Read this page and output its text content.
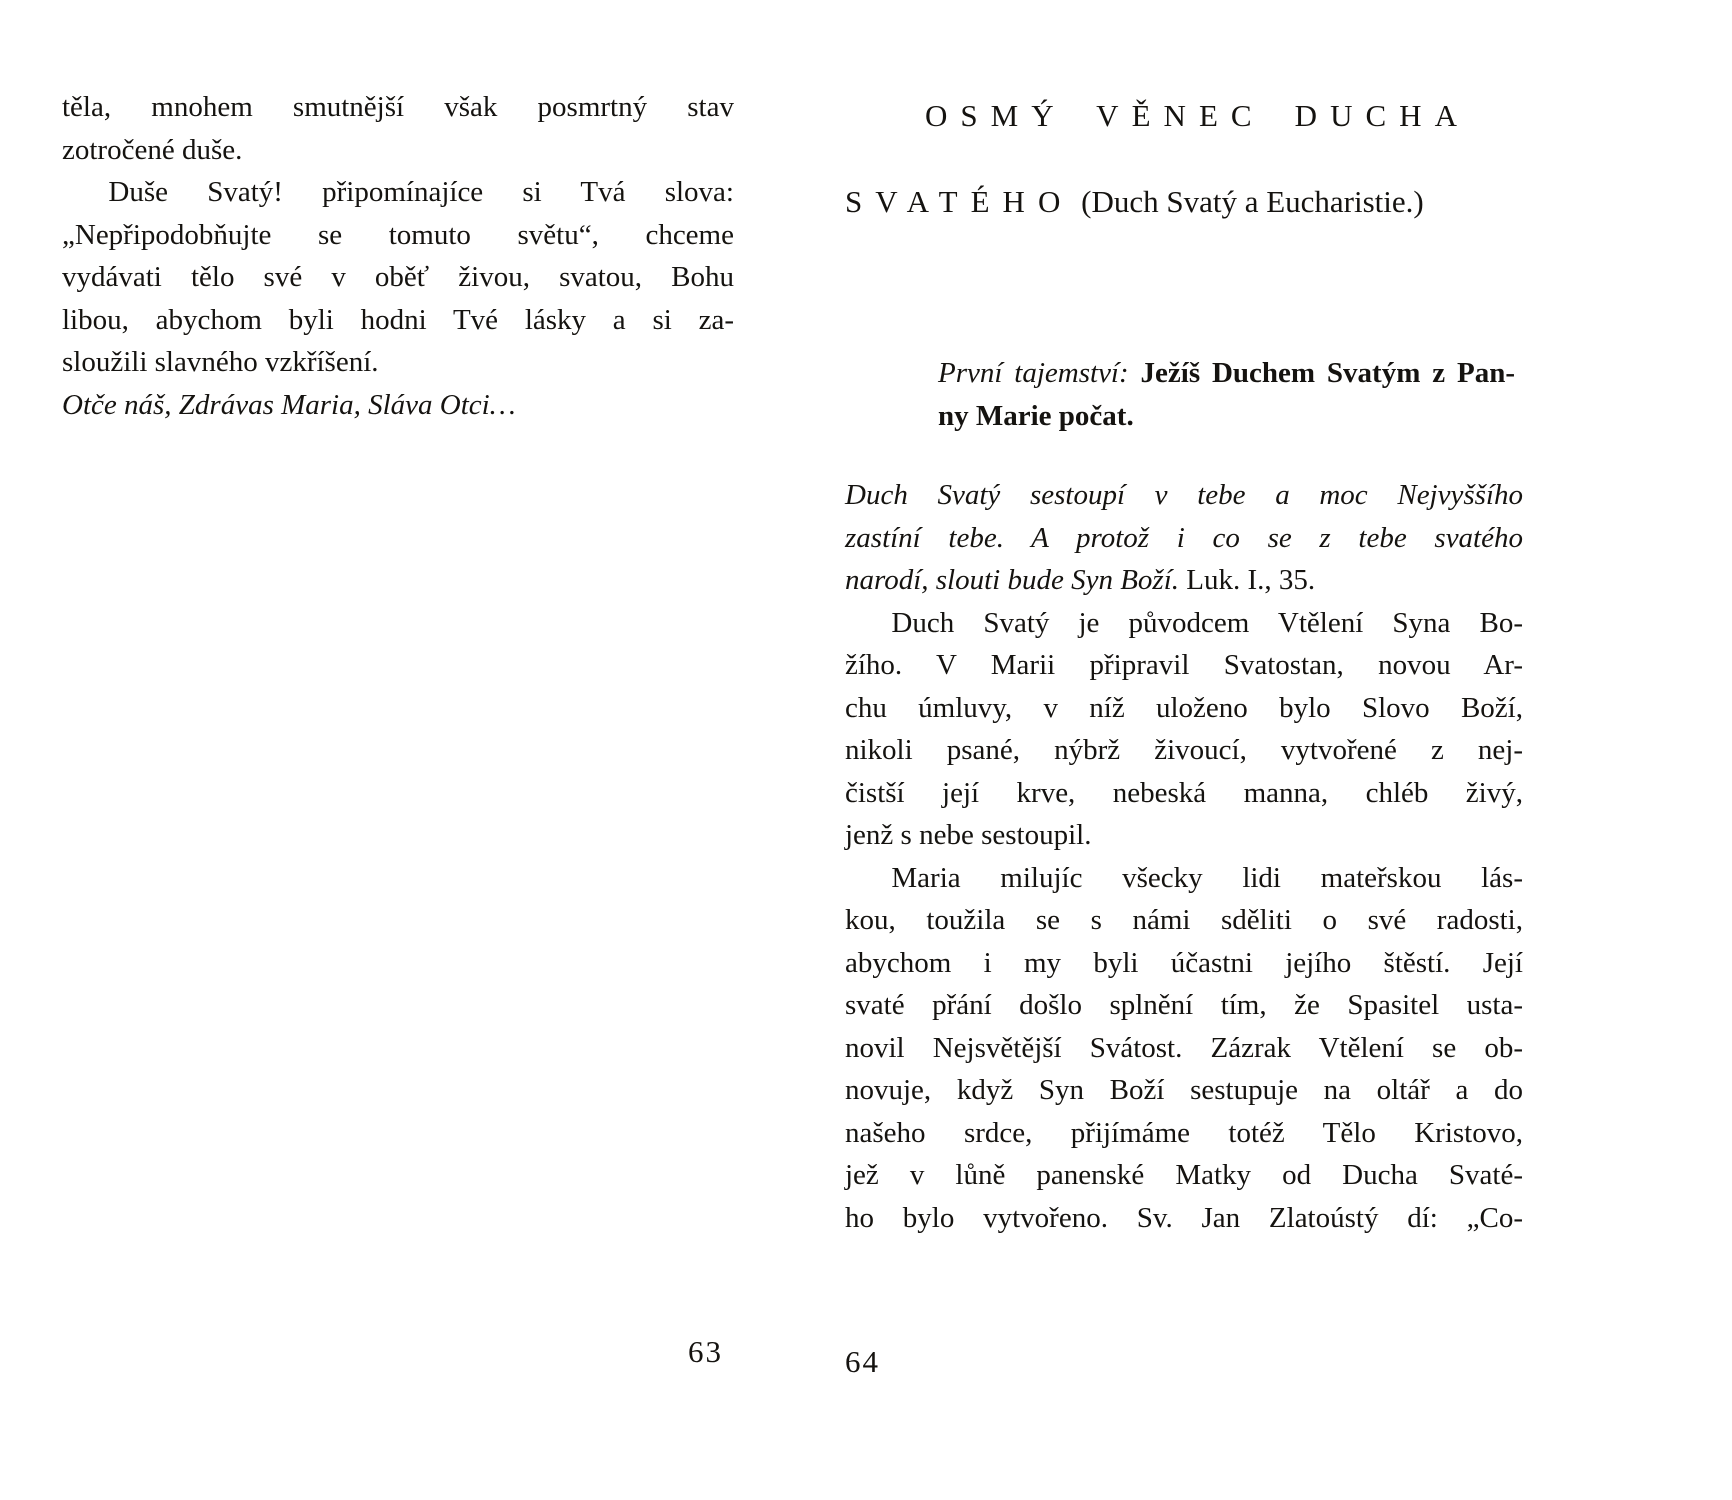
těla, mnohem smutnější však posmrtný stav
zotročené duše.
Duše Svatý! připomínajíce si Tvá slova:
„Nepřipodobňujte se tomuto světu“, chceme
vydávati tělo své v oběť živou, svatou, Bohu
libou, abychom byli hodni Tvé lásky a si za-
sloužili slavného vzkříšení.
Otče náš, Zdrávas Maria, Sláva Otci…
63
OSMÝ VĚNEC DUCHA
SVATÉHO (Duch Svatý a Eucharistie.)
První tajemství: Ježíš Duchem Svatým z Pan-
ny Marie počat.
Duch Svatý sestoupí v tebe a moc Nejvyššího
zastíní tebe. A protož i co se z tebe svatého
narodí, slouti bude Syn Boží. Luk. I., 35.
Duch Svatý je původcem Vtělení Syna Bo-
žího. V Marii připravil Svatostan, novou Ar-
chu úmluvy, v níž uloženo bylo Slovo Boží,
nikoli psané, nýbrž živoucí, vytvořené z nej-
čistší její krve, nebeská manna, chléb živý,
jenž s nebe sestoupil.
Maria milujíc všecky lidi mateřskou lás-
kou, toužila se s námi sděliti o své radosti,
abychom i my byli účastni jejího štěstí. Její
svaté přání došlo splnění tím, že Spasitel usta-
novil Nejsvětější Svátost. Zázrak Vtělení se ob-
novuje, když Syn Boží sestupuje na oltář a do
našeho srdce, přijímáme totéž Tělo Kristovo,
jež v lůně panenské Matky od Ducha Svaté-
ho bylo vytvořeno. Sv. Jan Zlatoústý dí: „Co-
64
